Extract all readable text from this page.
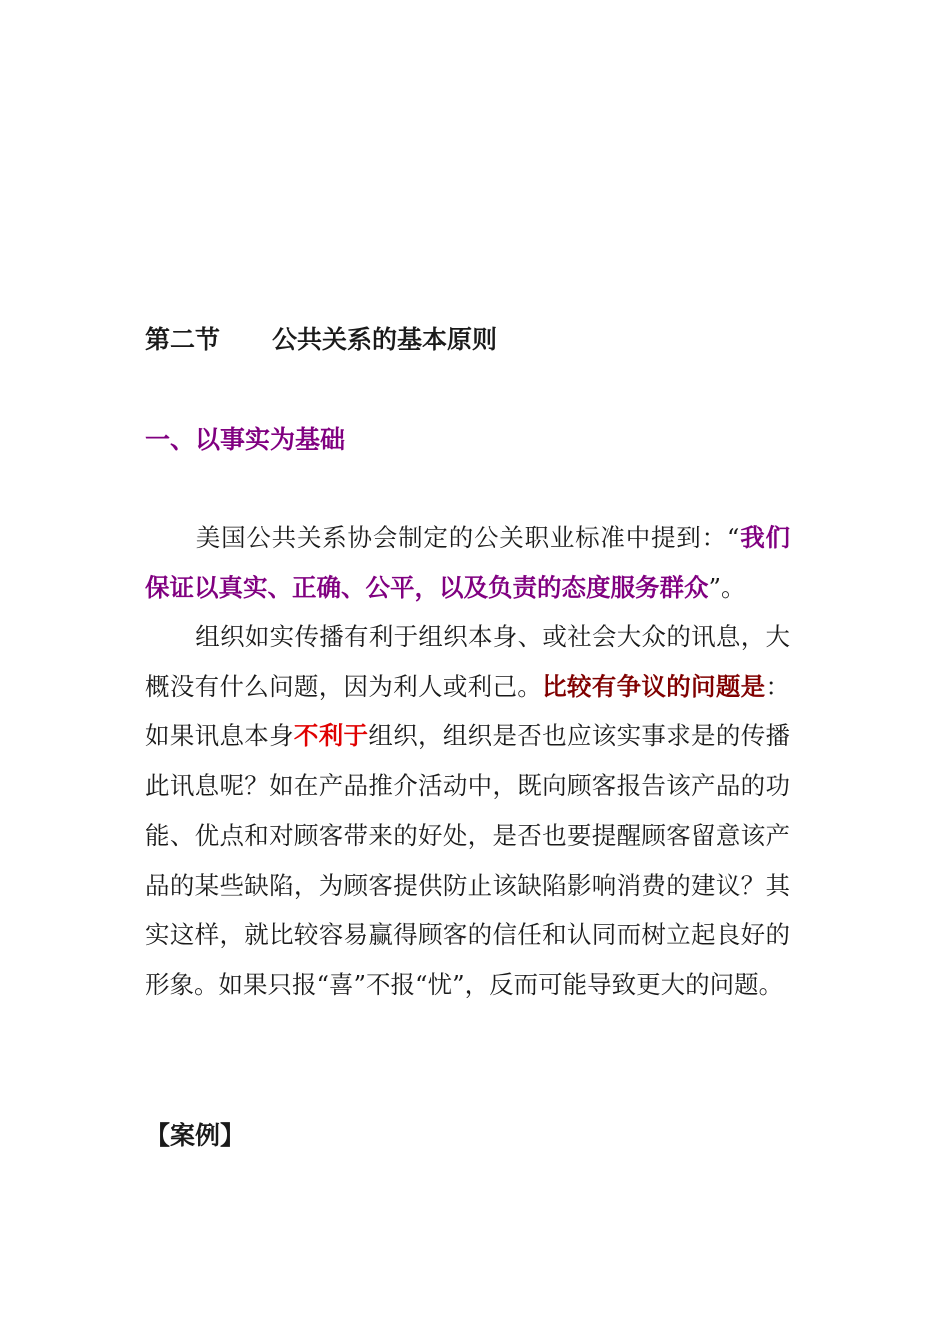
第二节 公共关系的基本原则
一、以事实为基础
美国公共关系协会制定的公关职业标准中提到：“我们保证以真实、正确、公平，以及负责的态度服务群众”。
组织如实传播有利于组织本身、或社会大众的讯息，大概没有什么问题，因为利人或利己。比较有争议的问题是：如果讯息本身不利于组织，组织是否也应该实事求是的传播此讯息呢？如在产品推介活动中，既向顾客报告该产品的功能、优点和对顾客带来的好处，是否也要提醒顾客留意该产品的某些缺陷，为顾客提供防止该缺陷影响消费的建议？其实这样，就比较容易赢得顾客的信任和认同而树立起良好的形象。如果只报“喜”不报“忧”，反而可能导致更大的问题。
【案例】
